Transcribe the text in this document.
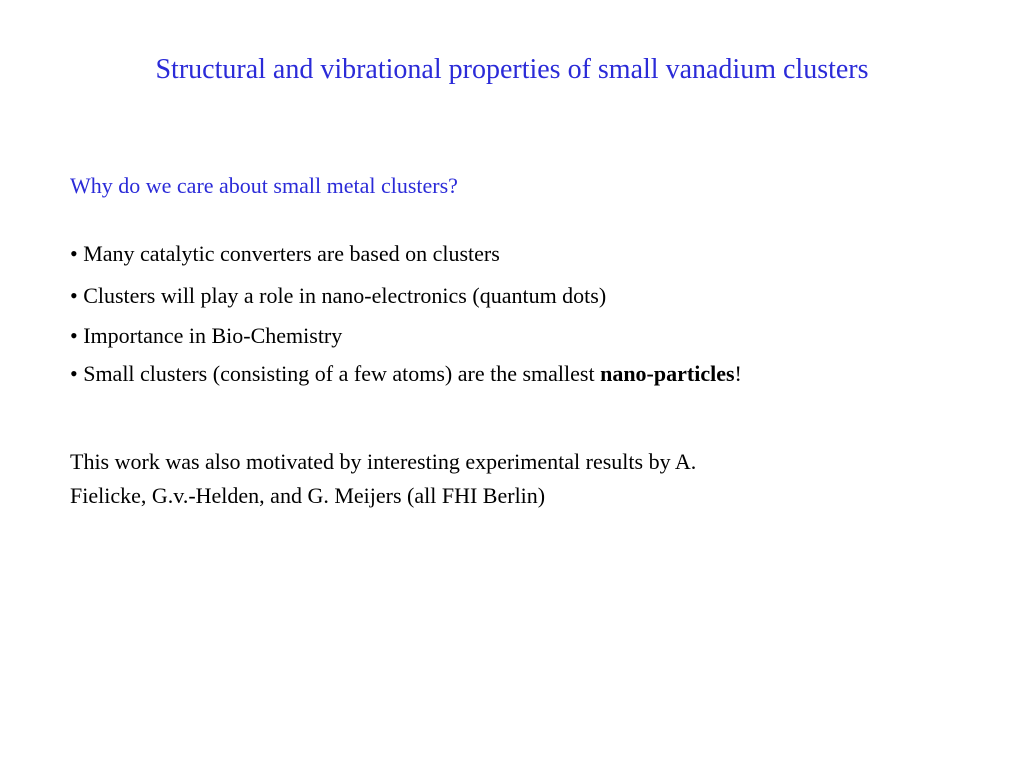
Structural and vibrational properties of small vanadium clusters
Why do we care about small metal clusters?
• Many catalytic converters are based on clusters
• Clusters will play a role in nano-electronics (quantum dots)
• Importance in Bio-Chemistry
• Small clusters (consisting of a few atoms) are the smallest nano-particles!
This work was also motivated by interesting experimental results by A.
Fielicke, G.v.-Helden, and G. Meijers (all FHI Berlin)
